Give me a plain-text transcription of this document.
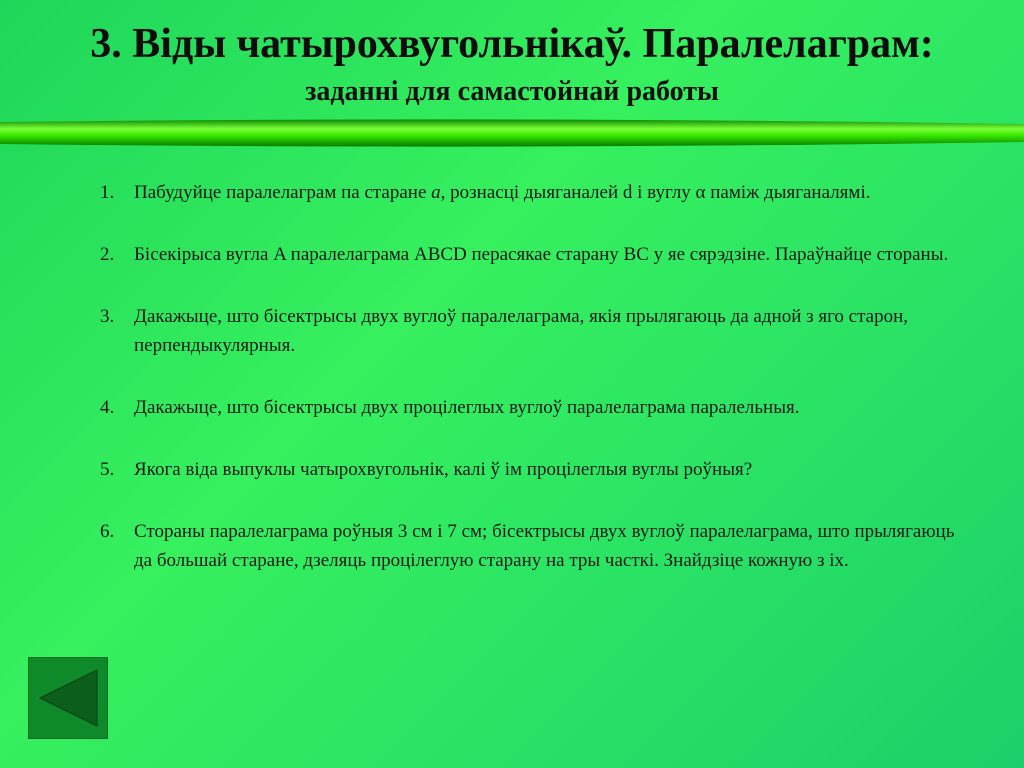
3. Віды чатырохвугольнікаў. Паралелаграм:
заданні для самастойнай работы
1. Пабудуйце паралелаграм па старане a, рознасці дыяганалей d і вуглу α паміж дыяганалямі.
2. Бісекірыса вугла A паралелаграма ABCD перасякае старану BC у яе сярэдзіне. Параўнайце стораны.
3. Дакажыце, што бісектрысы двух вуглоў паралелаграма, якія прылягаюць да адной з яго старон, перпендыкулярныя.
4. Дакажыце, што бісектрысы двух процілеглых вуглоў паралелаграма паралельныя.
5. Якога віда выпуклы чатырохвугольнік, калі ў ім процілеглыя вуглы роўныя?
6. Стораны паралелаграма роўныя 3 см і 7 см; бісектрысы двух вуглоў паралелаграма, што прылягаюць да большай старане, дзеляць процілеглую старану на тры часткі. Знайдзіце кожную з іх.
